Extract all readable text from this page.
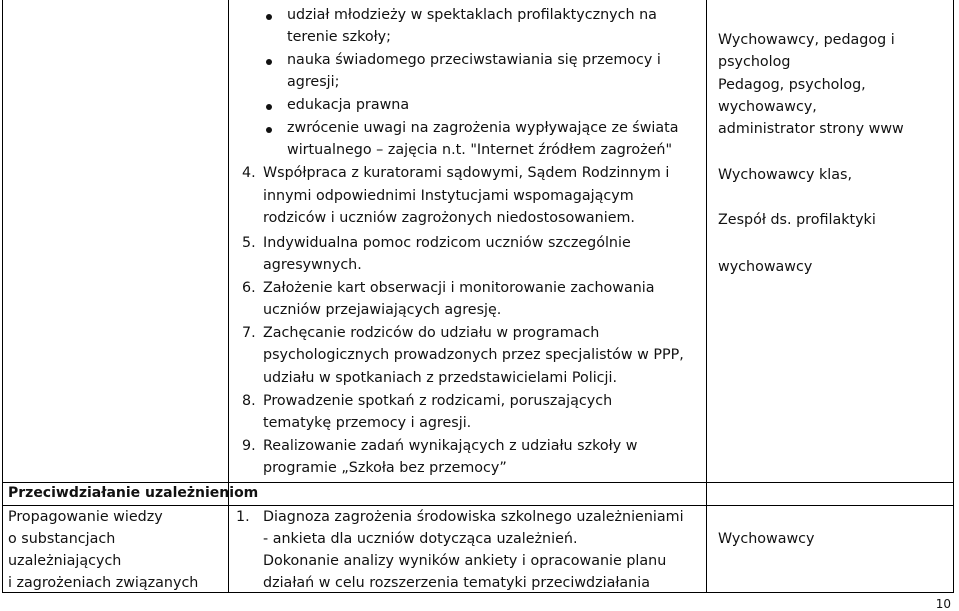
udział młodzieży w spektaklach profilaktycznych na
terenie szkoły;
nauka świadomego przeciwstawiania się przemocy i
agresji;
edukacja prawna
zwrócenie uwagi na zagrożenia wypływające ze świata
wirtualnego – zajęcia n.t. "Internet źródłem zagrożeń"
4. Współpraca z kuratorami sądowymi, Sądem Rodzinnym i
innymi odpowiednimi Instytucjami wspomagającym
rodziców i uczniów zagrożonych niedostosowaniem.
5. Indywidualna pomoc rodzicom uczniów szczególnie
agresywnych.
6. Założenie kart obserwacji i monitorowanie zachowania
uczniów przejawiających agresję.
7. Zachęcanie rodziców do udziału w programach
psychologicznych prowadzonych przez specjalistów w PPP,
udziału w spotkaniach z przedstawicielami Policji.
8. Prowadzenie spotkań z rodzicami, poruszających
tematykę przemocy i agresji.
9. Realizowanie zadań wynikających z udziału szkoły w
programie „Szkoła bez przemocy”
Wychowawcy, pedagog i
psycholog
Pedagog, psycholog,
wychowawcy,
administrator strony www
Wychowawcy klas,
Zespół ds. profilaktyki
wychowawcy
Wychowawcy
Przeciwdziałanie uzależnieniom
Propagowanie wiedzy
o substancjach
uzależniających
i zagrożeniach związanych
1. Diagnoza zagrożenia środowiska szkolnego uzależnieniami
- ankieta dla uczniów dotycząca uzależnień.
Dokonanie analizy wyników ankiety i opracowanie planu
działań w celu rozszerzenia tematyki przeciwdziałania
10
